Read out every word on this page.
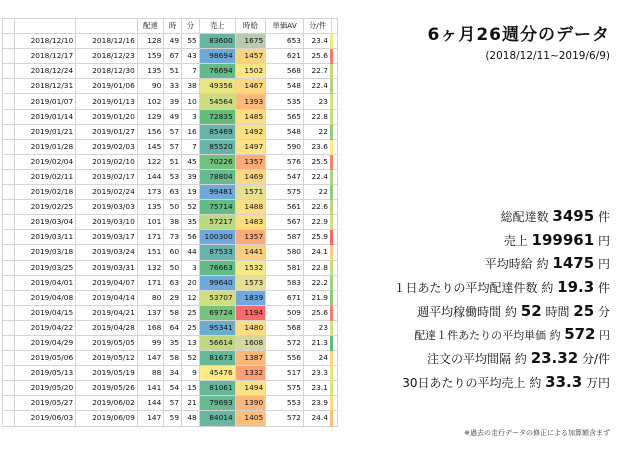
			配達	時	分	売上	時給	単価AV	分/件	
	2018/12/10	2018/12/16	128	49	55	83600	1675	653	23.4	
	2018/12/17	2018/12/23	159	67	43	98694	1457	621	25.6	
	2018/12/24	2018/12/30	135	51	7	76694	1502	568	22.7	
	2018/12/31	2019/01/06	90	33	38	49356	1467	548	22.4	
	2019/01/07	2019/01/13	102	39	10	54564	1393	535	23	
	2019/01/14	2019/01/20	129	49	3	72835	1485	565	22.8	
	2019/01/21	2019/01/27	156	57	16	85469	1492	548	22	
	2019/01/28	2019/02/03	145	57	7	85520	1497	590	23.6	
	2019/02/04	2019/02/10	122	51	45	70226	1357	576	25.5	
	2019/02/11	2019/02/17	144	53	39	78804	1469	547	22.4	
	2019/02/18	2019/02/24	173	63	19	99481	1571	575	22	
	2019/02/25	2019/03/03	135	50	52	75714	1488	561	22.6	
	2019/03/04	2019/03/10	101	38	35	57217	1483	567	22.9	
	2019/03/11	2019/03/17	171	73	56	100300	1357	587	25.9	
	2019/03/18	2019/03/24	151	60	44	87533	1441	580	24.1	
	2019/03/25	2019/03/31	132	50	3	76663	1532	581	22.8	
	2019/04/01	2019/04/07	171	63	20	99640	1573	583	22.2	
	2019/04/08	2019/04/14	80	29	12	53707	1839	671	21.9	
	2019/04/15	2019/04/21	137	58	25	69724	1194	509	25.6	
	2019/04/22	2019/04/28	168	64	25	95341	1480	568	23	
	2019/04/29	2019/05/05	99	35	13	56614	1608	572	21.3	
	2019/05/06	2019/05/12	147	58	52	81673	1387	556	24	
	2019/05/13	2019/05/19	88	34	9	45476	1332	517	23.3	
	2019/05/20	2019/05/26	141	54	15	81061	1494	575	23.1	
	2019/05/27	2019/06/02	144	57	21	79693	1390	553	23.9	
	2019/06/03	2019/06/09	147	59	48	84014	1405	572	24.4	
6ヶ月26週分のデータ
(2018/12/11~2019/6/9)
総配達数 3495 件
売上 199961 円
平均時給 約 1475 円
１日あたりの平均配達件数 約 19.3 件
週平均稼働時間 約 52 時間 25 分
配達１件あたりの平均単価 約 572 円
注文の平均間隔 約 23.32 分/件
30日あたりの平均売上 約 33.3 万円
※過去の走行データの修正による加算額含まず
